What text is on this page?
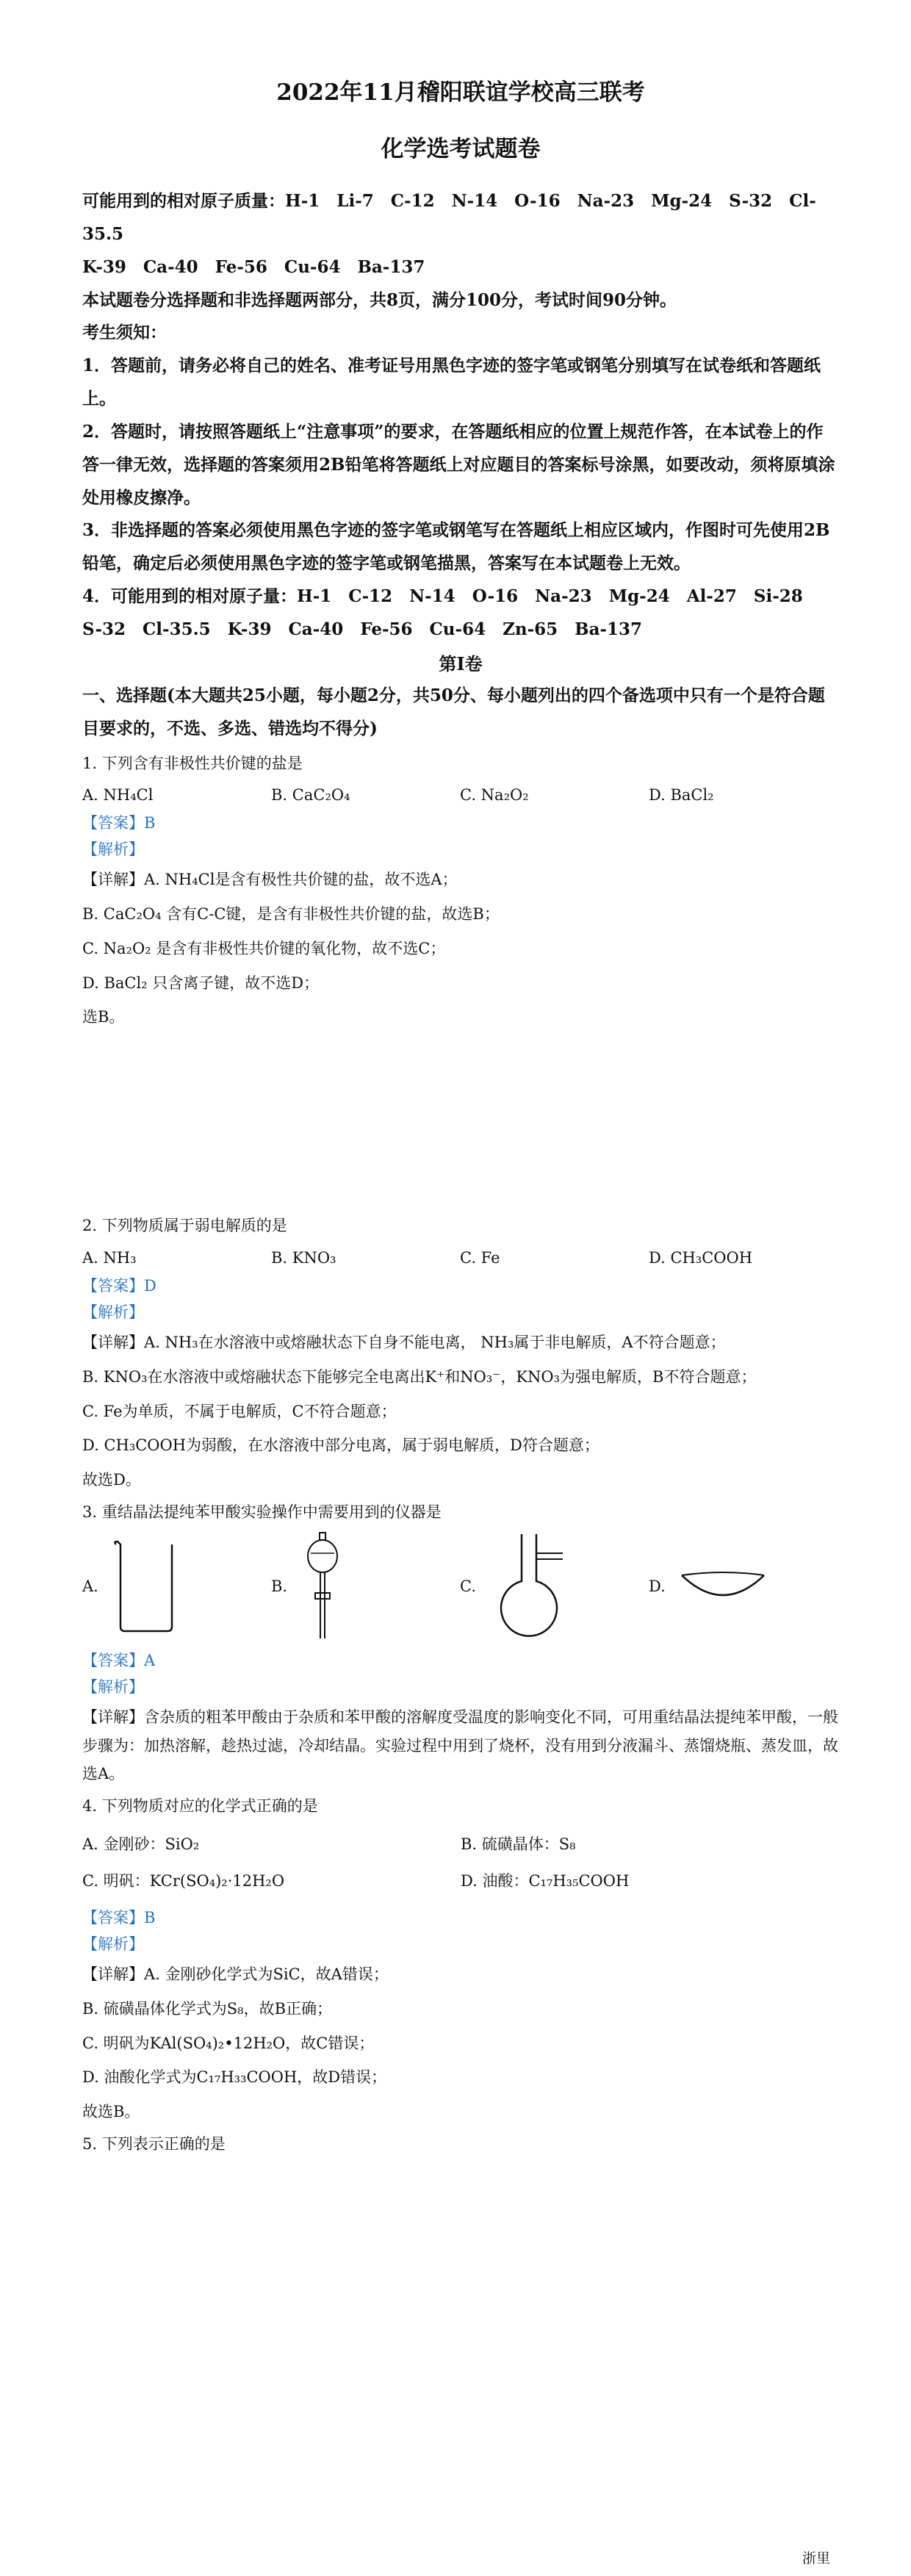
2022年11月稽阳联谊学校高三联考
化学选考试题卷

可能用到的相对原子质量：H-1　Li-7　C-12　N-14　O-16　Na-23　Mg-24　S-32　Cl-35.5

K-39　Ca-40　Fe-56　Cu-64　Ba-137

本试题卷分选择题和非选择题两部分，共8页，满分100分，考试时间90分钟。

考生须知：

1．答题前，请务必将自己的姓名、准考证号用黑色字迹的签字笔或钢笔分别填写在试卷纸和答题纸上。

2．答题时，请按照答题纸上“注意事项”的要求，在答题纸相应的位置上规范作答，在本试卷上的作答一律无效，选择题的答案须用2B铅笔将答题纸上对应题目的答案标号涂黑，如要改动，须将原填涂处用橡皮擦净。

3．非选择题的答案必须使用黑色字迹的签字笔或钢笔写在答题纸上相应区域内，作图时可先使用2B铅笔，确定后必须使用黑色字迹的签字笔或钢笔描黑，答案写在本试题卷上无效。

4．可能用到的相对原子量：H-1　C-12　N-14　O-16　Na-23　Mg-24　Al-27　Si-28　S-32　Cl-35.5　K-39　Ca-40　Fe-56　Cu-64　Zn-65　Ba-137

第Ⅰ卷

一、选择题(本大题共25小题，每小题2分，共50分、每小题列出的四个备选项中只有一个是符合题目要求的，不选、多选、错选均不得分)

1. 下列含有非极性共价键的盐是

A. NH₄Cl	B. CaC₂O₄	C. Na₂O₂	D. BaCl₂
【答案】B
【解析】

【详解】A. NH₄Cl是含有极性共价键的盐，故不选A；

B. CaC₂O₄ 含有C-C键，是含有非极性共价键的盐，故选B；

C. Na₂O₂ 是含有非极性共价键的氧化物，故不选C；

D. BaCl₂ 只含离子键，故不选D；

选B。

2. 下列物质属于弱电解质的是

A. NH₃	B. KNO₃	C. Fe	D. CH₃COOH
【答案】D
【解析】

【详解】A. NH₃在水溶液中或熔融状态下自身不能电离， NH₃属于非电解质，A不符合题意；

B. KNO₃在水溶液中或熔融状态下能够完全电离出K⁺和NO₃⁻，KNO₃为强电解质，B不符合题意；

C. Fe为单质，不属于电解质，C不符合题意；

D. CH₃COOH为弱酸，在水溶液中部分电离，属于弱电解质，D符合题意；

故选D。

3. 重结晶法提纯苯甲酸实验操作中需要用到的仪器是

A.	B.	C.	D.
【答案】A
【解析】

【详解】含杂质的粗苯甲酸由于杂质和苯甲酸的溶解度受温度的影响变化不同，可用重结晶法提纯苯甲酸，一般步骤为：加热溶解，趁热过滤，冷却结晶。实验过程中用到了烧杯，没有用到分液漏斗、蒸馏烧瓶、蒸发皿，故选A。

4. 下列物质对应的化学式正确的是

A. 金刚砂：SiO₂	B. 硫磺晶体：S₈
C. 明矾：KCr(SO₄)₂·12H₂O	D. 油酸：C₁₇H₃₅COOH
【答案】B
【解析】

【详解】A. 金刚砂化学式为SiC，故A错误；

B. 硫磺晶体化学式为S₈，故B正确；

C. 明矾为KAl(SO₄)₂•12H₂O，故C错误；

D. 油酸化学式为C₁₇H₃₃COOH，故D错误；

故选B。

5. 下列表示正确的是

浙里
